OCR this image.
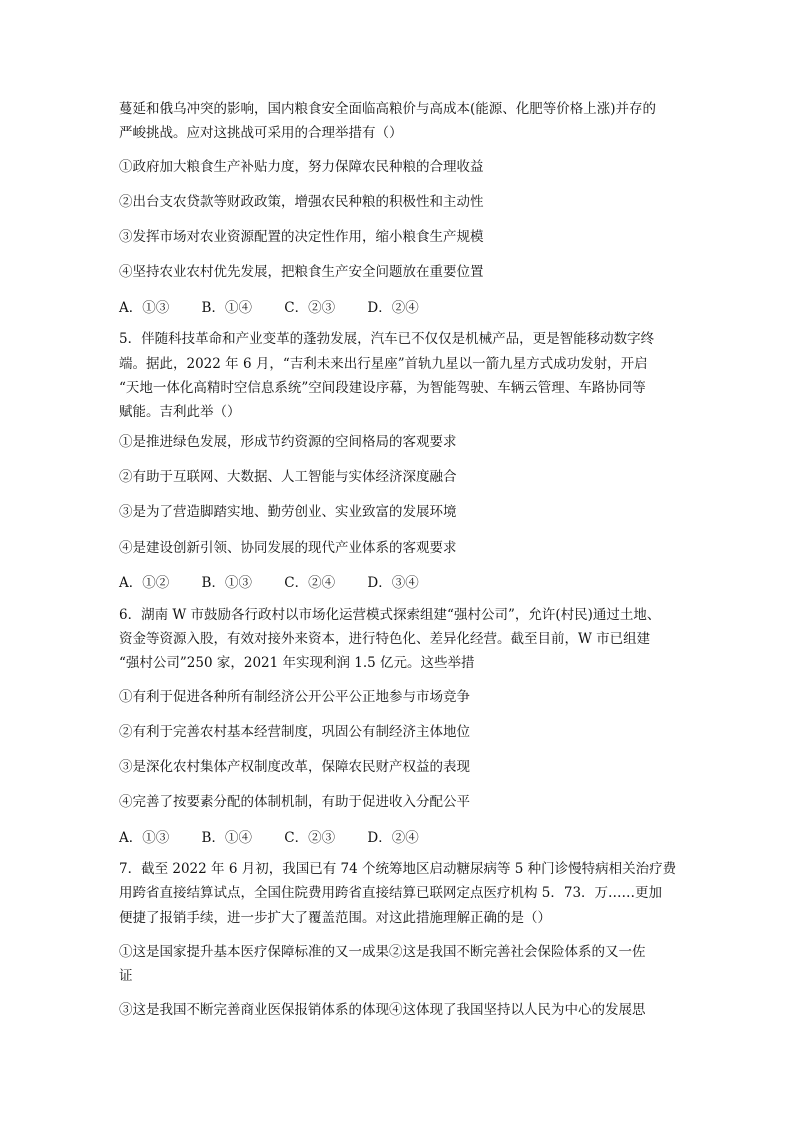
蔓延和俄乌冲突的影响，国内粮食安全面临高粮价与高成本(能源、化肥等价格上涨)并存的
严峻挑战。应对这挑战可采用的合理举措有（）
①政府加大粮食生产补贴力度，努力保障农民种粮的合理收益
②出台支农贷款等财政政策，增强农民种粮的积极性和主动性
③发挥市场对农业资源配置的决定性作用，缩小粮食生产规模
④坚持农业农村优先发展，把粮食生产安全问题放在重要位置
A．①③ B．①④ C．②③ D．②④
5．伴随科技革命和产业变革的蓬勃发展，汽车已不仅仅是机械产品，更是智能移动数字终
端。据此，2022 年 6 月，“吉利未来出行星座”首轨九星以一箭九星方式成功发射，开启
“天地一体化高精时空信息系统”空间段建设序幕，为智能驾驶、车辆云管理、车路协同等
赋能。吉利此举（）
①是推进绿色发展，形成节约资源的空间格局的客观要求
②有助于互联网、大数据、人工智能与实体经济深度融合
③是为了营造脚踏实地、勤劳创业、实业致富的发展环境
④是建设创新引领、协同发展的现代产业体系的客观要求
A．①② B．①③ C．②④ D．③④
6．湖南 W 市鼓励各行政村以市场化运营模式探索组建“强村公司”，允许(村民)通过土地、
资金等资源入股，有效对接外来资本，进行特色化、差异化经营。截至目前，W 市已组建
“强村公司”250 家，2021 年实现利润 1.5 亿元。这些举措
①有利于促进各种所有制经济公开公平公正地参与市场竞争
②有利于完善农村基本经营制度，巩固公有制经济主体地位
③是深化农村集体产权制度改革，保障农民财产权益的表现
④完善了按要素分配的体制机制，有助于促进收入分配公平
A．①③ B．①④ C．②③ D．②④
7．截至 2022 年 6 月初，我国已有 74 个统筹地区启动糖尿病等 5 种门诊慢特病相关治疗费
用跨省直接结算试点，全国住院费用跨省直接结算已联网定点医疗机构 5．73．万……更加
便捷了报销手续，进一步扩大了覆盖范围。对这此措施理解正确的是（）
①这是国家提升基本医疗保障标准的又一成果②这是我国不断完善社会保险体系的又一佐
证
③这是我国不断完善商业医保报销体系的体现④这体现了我国坚持以人民为中心的发展思
